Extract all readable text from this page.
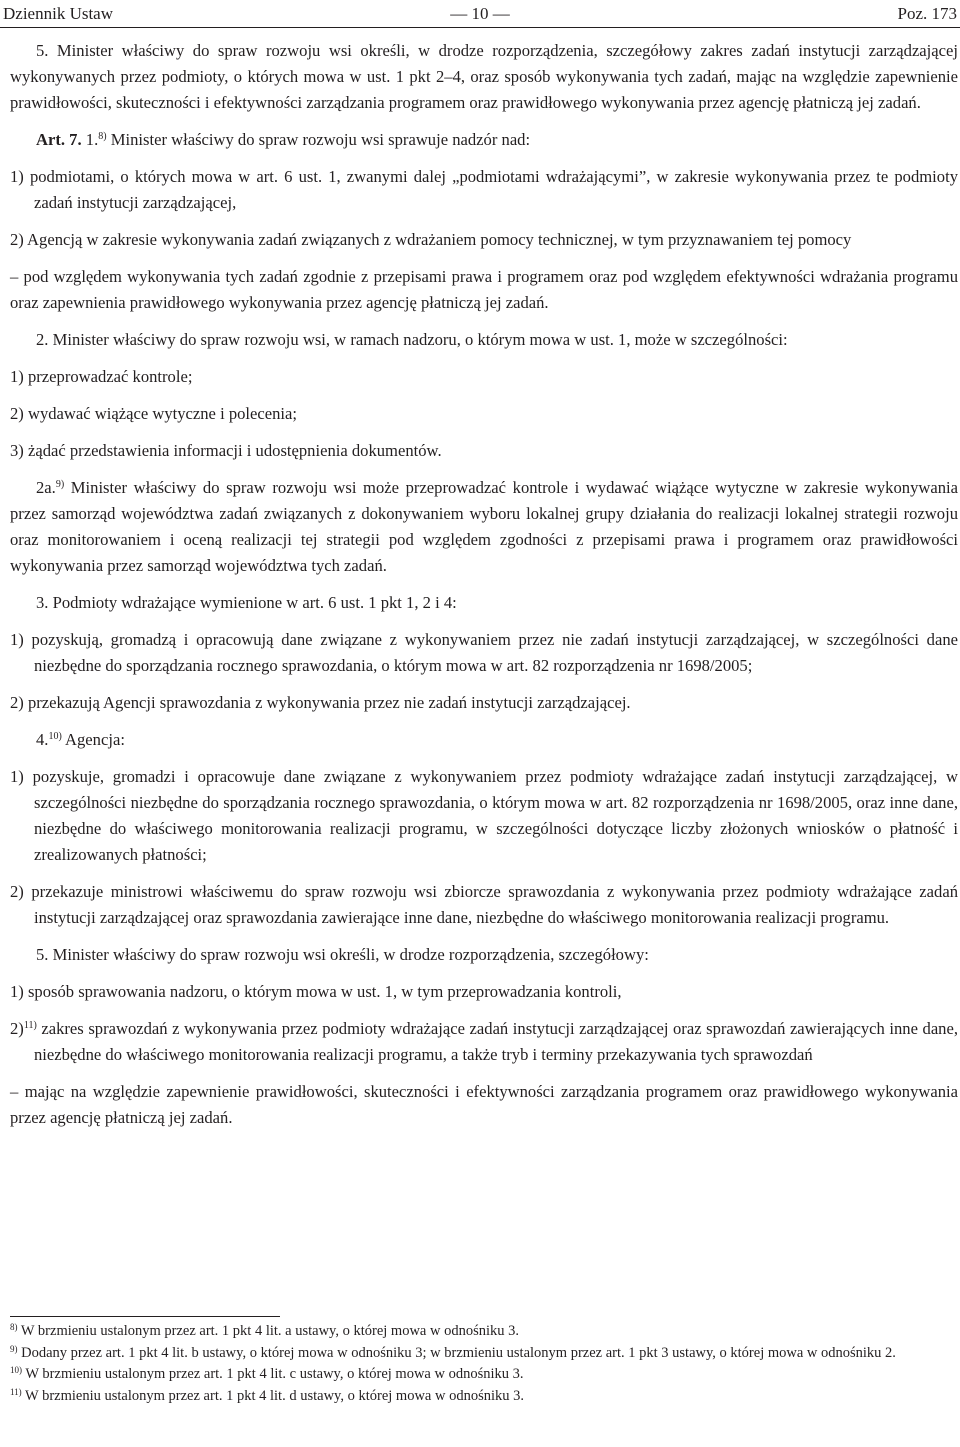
Dziennik Ustaw	— 10 —	Poz. 173

5. Minister właściwy do spraw rozwoju wsi określi, w drodze rozporządzenia, szczegółowy zakres zadań instytucji zarządzającej wykonywanych przez podmioty, o których mowa w ust. 1 pkt 2–4, oraz sposób wykonywania tych zadań, mając na względzie zapewnienie prawidłowości, skuteczności i efektywności zarządzania programem oraz prawidłowego wykonywania przez agencję płatniczą jej zadań.

Art. 7. 1.$^{8)}$ Minister właściwy do spraw rozwoju wsi sprawuje nadzór nad:

1) podmiotami, o których mowa w art. 6 ust. 1, zwanymi dalej „podmiotami wdrażającymi”, w zakresie wykonywania przez te podmioty zadań instytucji zarządzającej,

2) Agencją w zakresie wykonywania zadań związanych z wdrażaniem pomocy technicznej, w tym przyznawaniem tej pomocy

– pod względem wykonywania tych zadań zgodnie z przepisami prawa i programem oraz pod względem efektywności wdrażania programu oraz zapewnienia prawidłowego wykonywania przez agencję płatniczą jej zadań.

2. Minister właściwy do spraw rozwoju wsi, w ramach nadzoru, o którym mowa w ust. 1, może w szczególności:

1) przeprowadzać kontrole;

2) wydawać wiążące wytyczne i polecenia;

3) żądać przedstawienia informacji i udostępnienia dokumentów.

2a.$^{9)}$ Minister właściwy do spraw rozwoju wsi może przeprowadzać kontrole i wydawać wiążące wytyczne w zakresie wykonywania przez samorząd województwa zadań związanych z dokonywaniem wyboru lokalnej grupy działania do realizacji lokalnej strategii rozwoju oraz monitorowaniem i oceną realizacji tej strategii pod względem zgodności z przepisami prawa i programem oraz prawidłowości wykonywania przez samorząd województwa tych zadań.

3. Podmioty wdrażające wymienione w art. 6 ust. 1 pkt 1, 2 i 4:

1) pozyskują, gromadzą i opracowują dane związane z wykonywaniem przez nie zadań instytucji zarządzającej, w szczególności dane niezbędne do sporządzania rocznego sprawozdania, o którym mowa w art. 82 rozporządzenia nr 1698/2005;

2) przekazują Agencji sprawozdania z wykonywania przez nie zadań instytucji zarządzającej.

4.$^{10)}$ Agencja:

1) pozyskuje, gromadzi i opracowuje dane związane z wykonywaniem przez podmioty wdrażające zadań instytucji zarządzającej, w szczególności niezbędne do sporządzania rocznego sprawozdania, o którym mowa w art. 82 rozporządzenia nr 1698/2005, oraz inne dane, niezbędne do właściwego monitorowania realizacji programu, w szczególności dotyczące liczby złożonych wniosków o płatność i zrealizowanych płatności;

2) przekazuje ministrowi właściwemu do spraw rozwoju wsi zbiorcze sprawozdania z wykonywania przez podmioty wdrażające zadań instytucji zarządzającej oraz sprawozdania zawierające inne dane, niezbędne do właściwego monitorowania realizacji programu.

5. Minister właściwy do spraw rozwoju wsi określi, w drodze rozporządzenia, szczegółowy:

1) sposób sprawowania nadzoru, o którym mowa w ust. 1, w tym przeprowadzania kontroli,

2)$^{11)}$ zakres sprawozdań z wykonywania przez podmioty wdrażające zadań instytucji zarządzającej oraz sprawozdań zawierających inne dane, niezbędne do właściwego monitorowania realizacji programu, a także tryb i terminy przekazywania tych sprawozdań

– mając na względzie zapewnienie prawidłowości, skuteczności i efektywności zarządzania programem oraz prawidłowego wykonywania przez agencję płatniczą jej zadań.

$^{8)}$ W brzmieniu ustalonym przez art. 1 pkt 4 lit. a ustawy, o której mowa w odnośniku 3.

$^{9)}$ Dodany przez art. 1 pkt 4 lit. b ustawy, o której mowa w odnośniku 3; w brzmieniu ustalonym przez art. 1 pkt 3 ustawy, o której mowa w odnośniku 2.

$^{10)}$ W brzmieniu ustalonym przez art. 1 pkt 4 lit. c ustawy, o której mowa w odnośniku 3.

$^{11)}$ W brzmieniu ustalonym przez art. 1 pkt 4 lit. d ustawy, o której mowa w odnośniku 3.
